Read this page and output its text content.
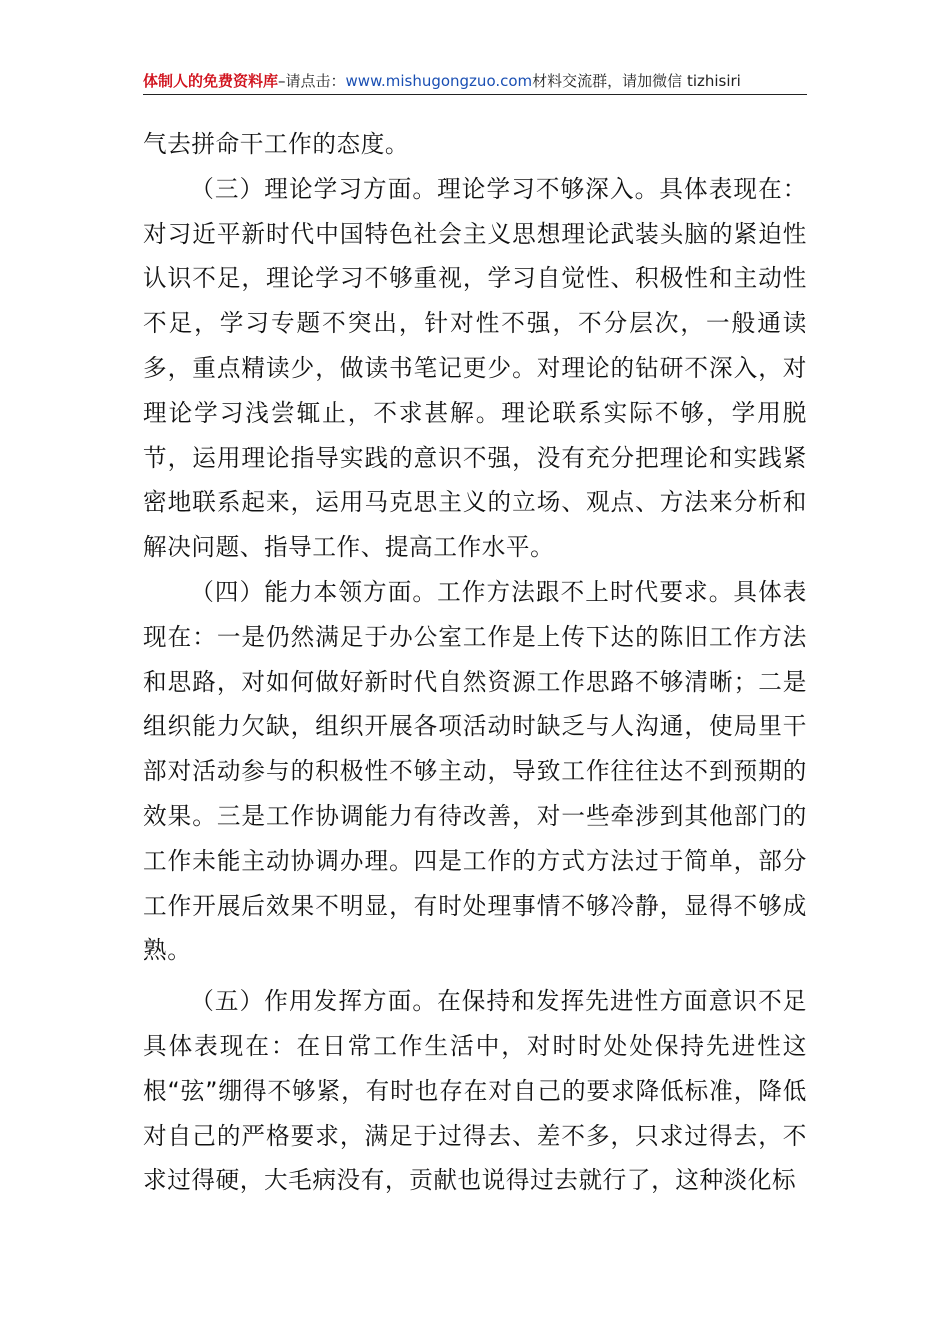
体制人的免费资料库–请点击：www.mishugongzuo.com材料交流群，请加微信 tizhisiri

气去拼命干工作的态度。

（三）理论学习方面。理论学习不够深入。具体表现在：对习近平新时代中国特色社会主义思想理论武装头脑的紧迫性认识不足，理论学习不够重视，学习自觉性、积极性和主动性不足，学习专题不突出，针对性不强，不分层次，一般通读多，重点精读少，做读书笔记更少。对理论的钻研不深入，对理论学习浅尝辄止，不求甚解。理论联系实际不够，学用脱节，运用理论指导实践的意识不强，没有充分把理论和实践紧密地联系起来，运用马克思主义的立场、观点、方法来分析和解决问题、指导工作、提高工作水平。

（四）能力本领方面。工作方法跟不上时代要求。具体表现在：一是仍然满足于办公室工作是上传下达的陈旧工作方法和思路，对如何做好新时代自然资源工作思路不够清晰；二是组织能力欠缺，组织开展各项活动时缺乏与人沟通，使局里干部对活动参与的积极性不够主动，导致工作往往达不到预期的效果。三是工作协调能力有待改善，对一些牵涉到其他部门的工作未能主动协调办理。四是工作的方式方法过于简单，部分工作开展后效果不明显，有时处理事情不够冷静，显得不够成熟。

（五）作用发挥方面。在保持和发挥先进性方面意识不足具体表现在：在日常工作生活中，对时时处处保持先进性这根“弦”绷得不够紧，有时也存在对自己的要求降低标准，降低对自己的严格要求，满足于过得去、差不多，只求过得去，不求过得硬，大毛病没有，贡献也说得过去就行了，这种淡化标
